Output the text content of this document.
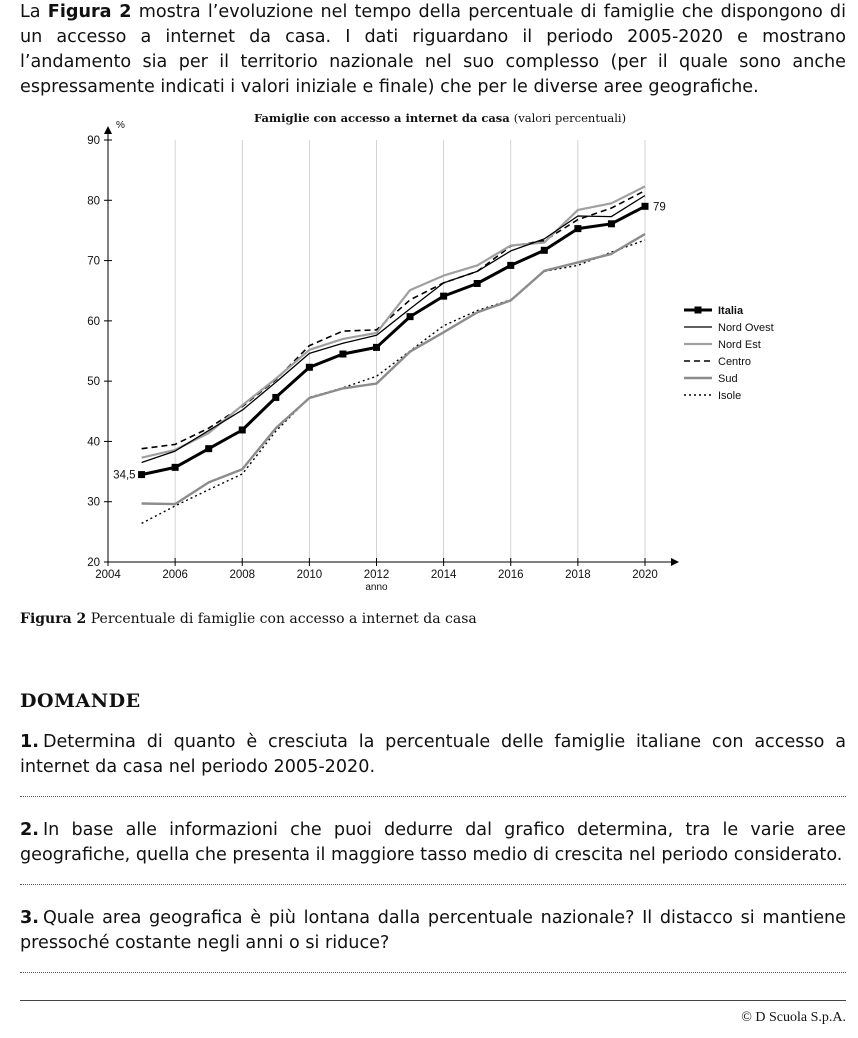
La Figura 2 mostra l’evoluzione nel tempo della percentuale di famiglie che dispongono di un accesso a internet da casa. I dati riguardano il periodo 2005-2020 e mostrano l’andamento sia per il territorio nazionale nel suo complesso (per il quale sono anche espressamente indicati i valori iniziale e finale) che per le diverse aree geografiche.

Famiglie con accesso a internet da casa (valori percentuali)
20
30
40
50
60
70
80
90
2004	2006	2008	2010	2012	2014	2016	2018	2020
anno
%
34,5
79
Italia
Nord Ovest
Nord Est
Centro
Sud
Isole
Figura 2 Percentuale di famiglie con accesso a internet da casa
DOMANDE

1. Determina di quanto è cresciuta la percentuale delle famiglie italiane con accesso a internet da casa nel periodo 2005-2020.

2. In base alle informazioni che puoi dedurre dal grafico determina, tra le varie aree geografiche, quella che presenta il maggiore tasso medio di crescita nel periodo considerato.

3. Quale area geografica è più lontana dalla percentuale nazionale? Il distacco si mantiene pressoché costante negli anni o si riduce?

© D Scuola S.p.A.
